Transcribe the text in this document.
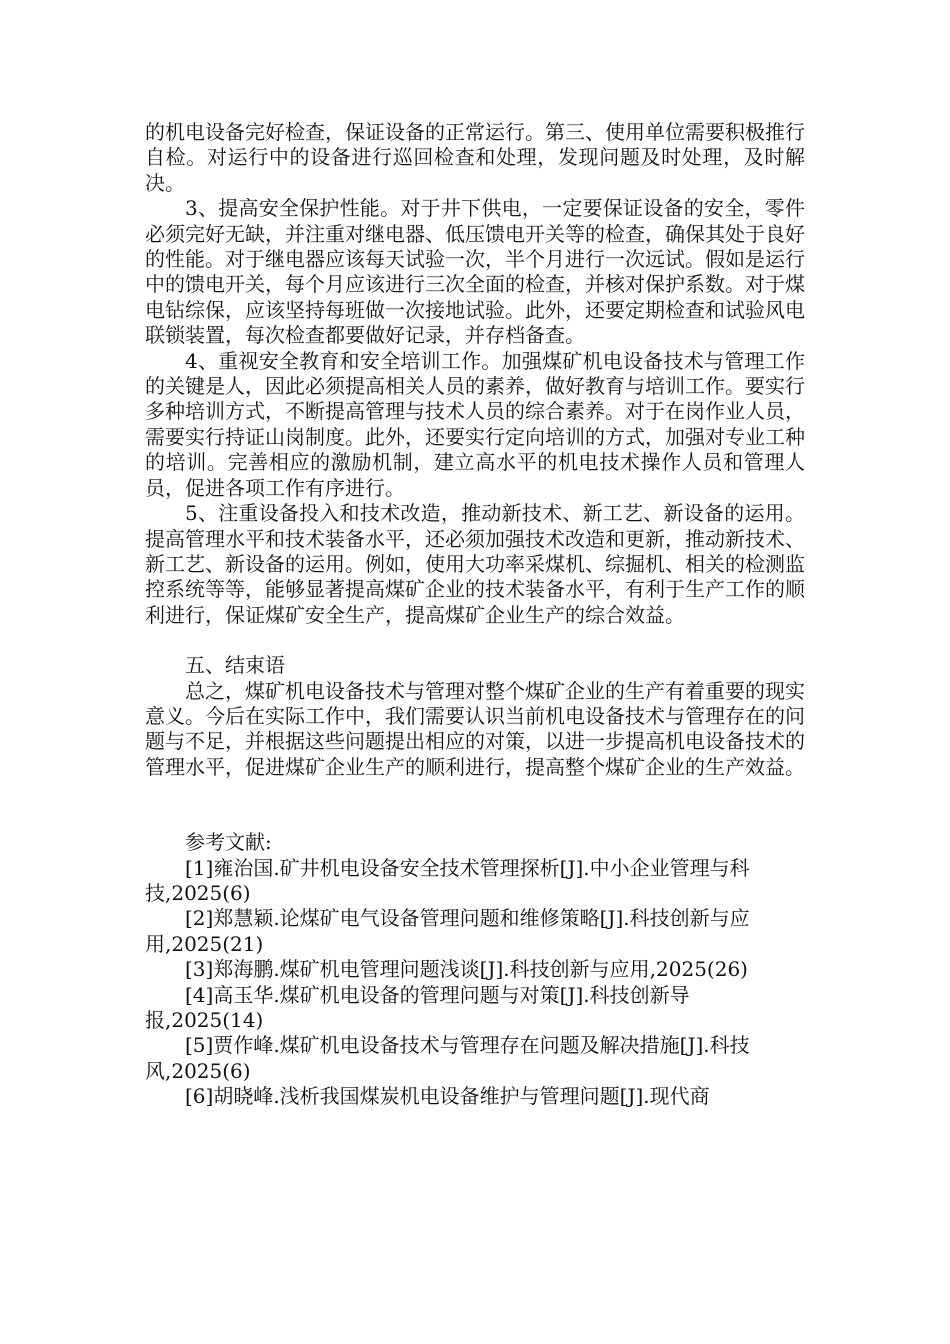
的机电设备完好检查，保证设备的正常运行。第三、使用单位需要积极推行自检。对运行中的设备进行巡回检查和处理，发现问题及时处理，及时解决。

3、提高安全保护性能。对于井下供电，一定要保证设备的安全，零件必须完好无缺，并注重对继电器、低压馈电开关等的检查，确保其处于良好的性能。对于继电器应该每天试验一次，半个月进行一次远试。假如是运行中的馈电开关，每个月应该进行三次全面的检查，并核对保护系数。对于煤电钻综保，应该坚持每班做一次接地试验。此外，还要定期检查和试验风电联锁装置，每次检查都要做好记录，并存档备查。

4、重视安全教育和安全培训工作。加强煤矿机电设备技术与管理工作的关键是人，因此必须提高相关人员的素养，做好教育与培训工作。要实行多种培训方式，不断提高管理与技术人员的综合素养。对于在岗作业人员，需要实行持证山岗制度。此外，还要实行定向培训的方式，加强对专业工种的培训。完善相应的激励机制，建立高水平的机电技术操作人员和管理人员，促进各项工作有序进行。

5、注重设备投入和技术改造，推动新技术、新工艺、新设备的运用。提高管理水平和技术装备水平，还必须加强技术改造和更新，推动新技术、新工艺、新设备的运用。例如，使用大功率采煤机、综掘机、相关的检测监控系统等等，能够显著提高煤矿企业的技术装备水平，有利于生产工作的顺利进行，保证煤矿安全生产，提高煤矿企业生产的综合效益。

五、结束语

总之，煤矿机电设备技术与管理对整个煤矿企业的生产有着重要的现实意义。今后在实际工作中，我们需要认识当前机电设备技术与管理存在的问题与不足，并根据这些问题提出相应的对策，以进一步提高机电设备技术的管理水平，促进煤矿企业生产的顺利进行，提高整个煤矿企业的生产效益。

参考文献:

[1]雍治国.矿井机电设备安全技术管理探析[J].中小企业管理与科技,2025(6)
[2]郑慧颖.论煤矿电气设备管理问题和维修策略[J].科技创新与应用,2025(21)
[3]郑海鹏.煤矿机电管理问题浅谈[J].科技创新与应用,2025(26)
[4]高玉华.煤矿机电设备的管理问题与对策[J].科技创新导报,2025(14)
[5]贾作峰.煤矿机电设备技术与管理存在问题及解决措施[J].科技风,2025(6)
[6]胡晓峰.浅析我国煤炭机电设备维护与管理问题[J].现代商
